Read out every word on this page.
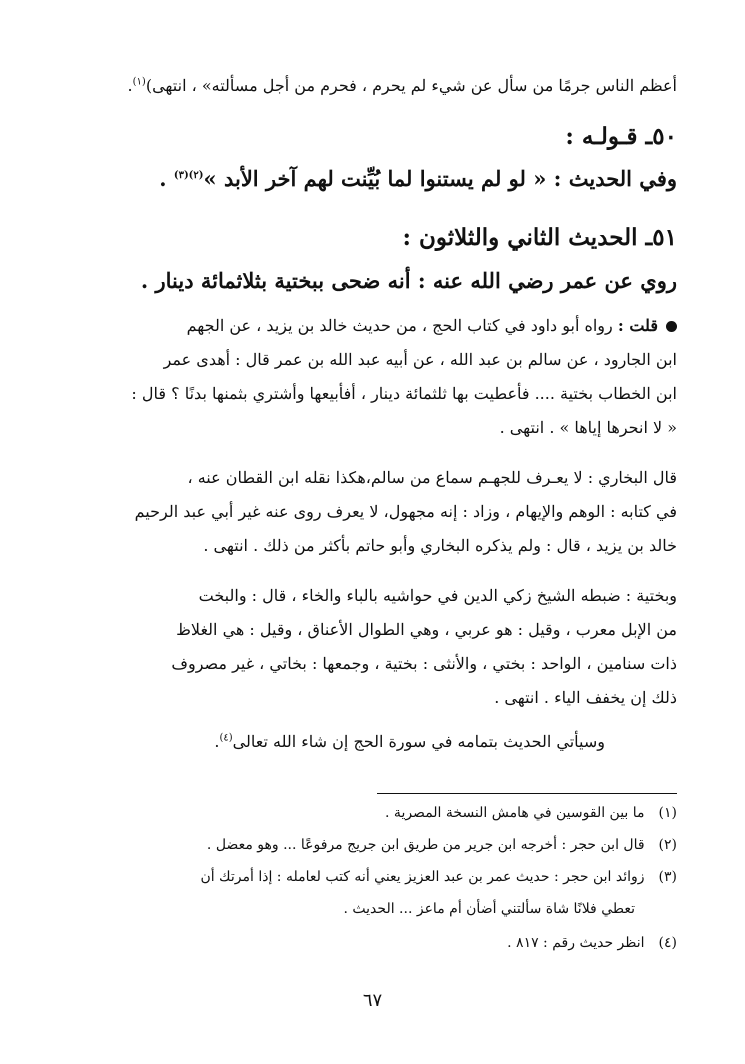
أعظم الناس جرمًا من سأل عن شيء لم يحرم ، فحرم من أجل مسألته» ، انتهى)$^{(١)}$.
٥٠ـ قـولـه :
وفي الحديث : « لو لم يستنوا لما بُيِّنت لهم آخر الأبد »$^{(٢)(٣)}$ .
٥١ـ الحديث الثاني والثلاثون :
روي عن عمر رضي الله عنه : أنه ضحى ببختية بثلاثمائة دينار .
قلت : رواه أبو داود في كتاب الحج ، من حديث خالد بن يزيد ، عن الجهم
ابن الجارود ، عن سالم بن عبد الله ، عن أبيه عبد الله بن عمر قال : أهدى عمر
ابن الخطاب بختية .... فأعطيت بها ثلثمائة دينار ، أفأبيعها وأشتري بثمنها بدنًا ؟ قال :
« لا انحرها إياها » . انتهى .
قال البخاري : لا يعـرف للجهـم سماع من سالم،هكذا نقله ابن القطان عنه ،
في كتابه : الوهم والإيهام ، وزاد : إنه مجهول، لا يعرف روى عنه غير أبي عبد الرحيم
خالد بن يزيد ، قال : ولم يذكره البخاري وأبو حاتم بأكثر من ذلك . انتهى .
وبختية : ضبطه الشيخ زكي الدين في حواشيه بالباء والخاء ، قال : والبخت
من الإبل معرب ، وقيل : هو عربي ، وهي الطوال الأعناق ، وقيل : هي الغلاظ
ذات سنامين ، الواحد : بختي ، والأنثى : بختية ، وجمعها : بخاتي ، غير مصروف
ذلك إن يخفف الياء . انتهى .
وسيأتي الحديث بتمامه في سورة الحج إن شاء الله تعالى$^{(٤)}$.
(١) ما بين القوسين في هامش النسخة المصرية .
(٢) قال ابن حجر : أخرجه ابن جرير من طريق ابن جريج مرفوعًا ... وهو معضل .
(٣) زوائد ابن حجر : حديث عمر بن عبد العزيز يعني أنه كتب لعامله : إذا أمرتك أن
تعطي فلانًا شاة سألتني أضأن أم ماعز ... الحديث .
(٤) انظر حديث رقم : ٨١٧ .
٦٧
